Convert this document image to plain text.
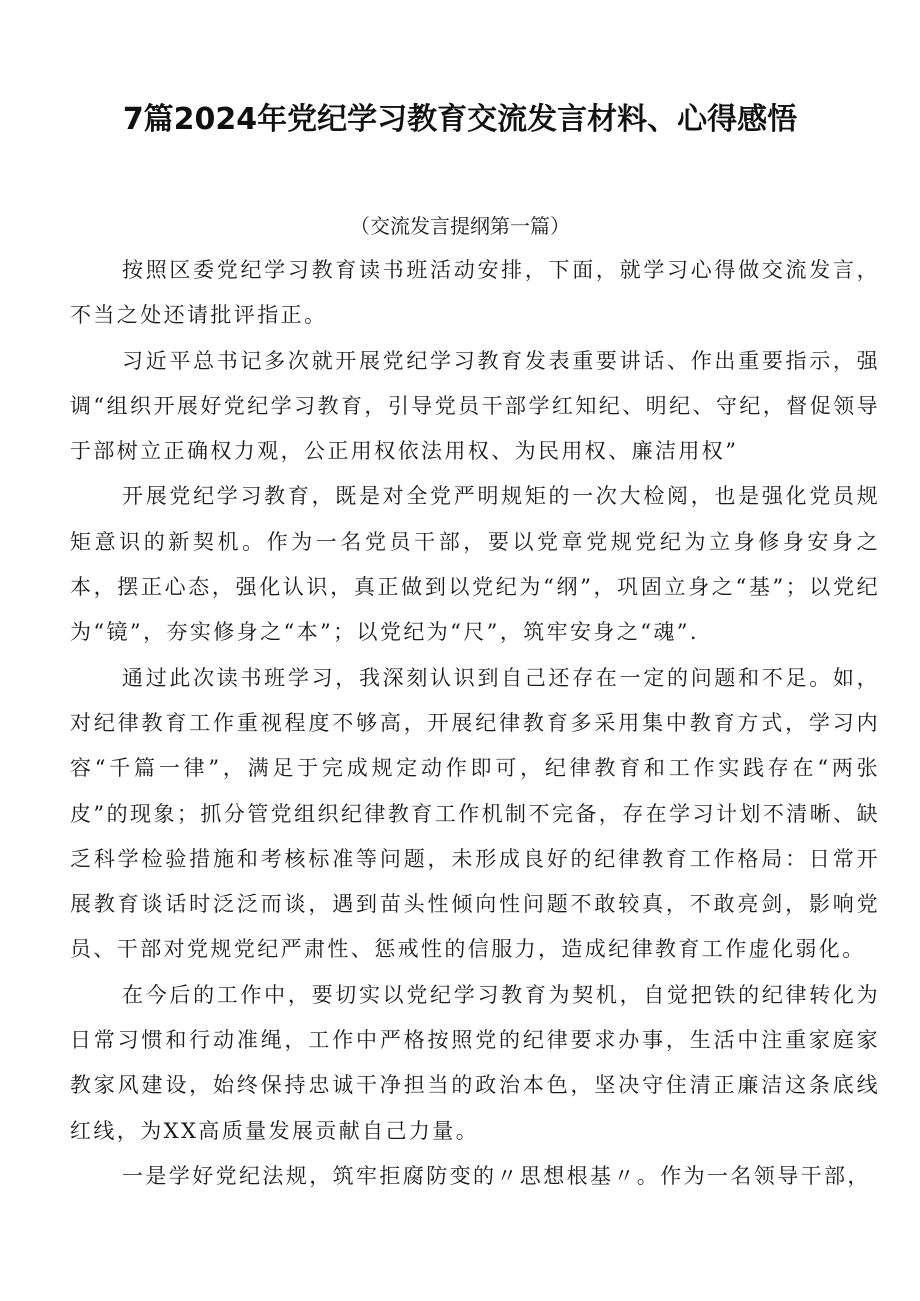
7篇2024年党纪学习教育交流发言材料、心得感悟

（交流发言提纲第一篇）

按照区委党纪学习教育读书班活动安排，下面，就学习心得做交流发言，不当之处还请批评指正。

习近平总书记多次就开展党纪学习教育发表重要讲话、作出重要指示，强调“组织开展好党纪学习教育，引导党员干部学红知纪、明纪、守纪，督促领导于部树立正确权力观，公正用权依法用权、为民用权、廉洁用权”

开展党纪学习教育，既是对全党严明规矩的一次大检阅，也是强化党员规矩意识的新契机。作为一名党员干部，要以党章党规党纪为立身修身安身之本，摆正心态，强化认识，真正做到以党纪为“纲”，巩固立身之“基”；以党纪为“镜”，夯实修身之“本”；以党纪为“尺”，筑牢安身之“魂”.

通过此次读书班学习，我深刻认识到自己还存在一定的问题和不足。如，对纪律教育工作重视程度不够高，开展纪律教育多采用集中教育方式，学习内容“千篇一律”，满足于完成规定动作即可，纪律教育和工作实践存在“两张皮”的现象；抓分管党组织纪律教育工作机制不完备，存在学习计划不清晰、缺乏科学检验措施和考核标准等问题，未形成良好的纪律教育工作格局：日常开展教育谈话时泛泛而谈，遇到苗头性倾向性问题不敢较真，不敢亮剑，影响党员、干部对党规党纪严肃性、惩戒性的信服力，造成纪律教育工作虚化弱化。

在今后的工作中，要切实以党纪学习教育为契机，自觉把铁的纪律转化为日常习惯和行动准绳，工作中严格按照党的纪律要求办事，生活中注重家庭家教家风建设，始终保持忠诚干净担当的政治本色，坚决守住清正廉洁这条底线红线，为XX高质量发展贡献自己力量。

一是学好党纪法规，筑牢拒腐防变的〃思想根基〃。作为一名领导干部，
